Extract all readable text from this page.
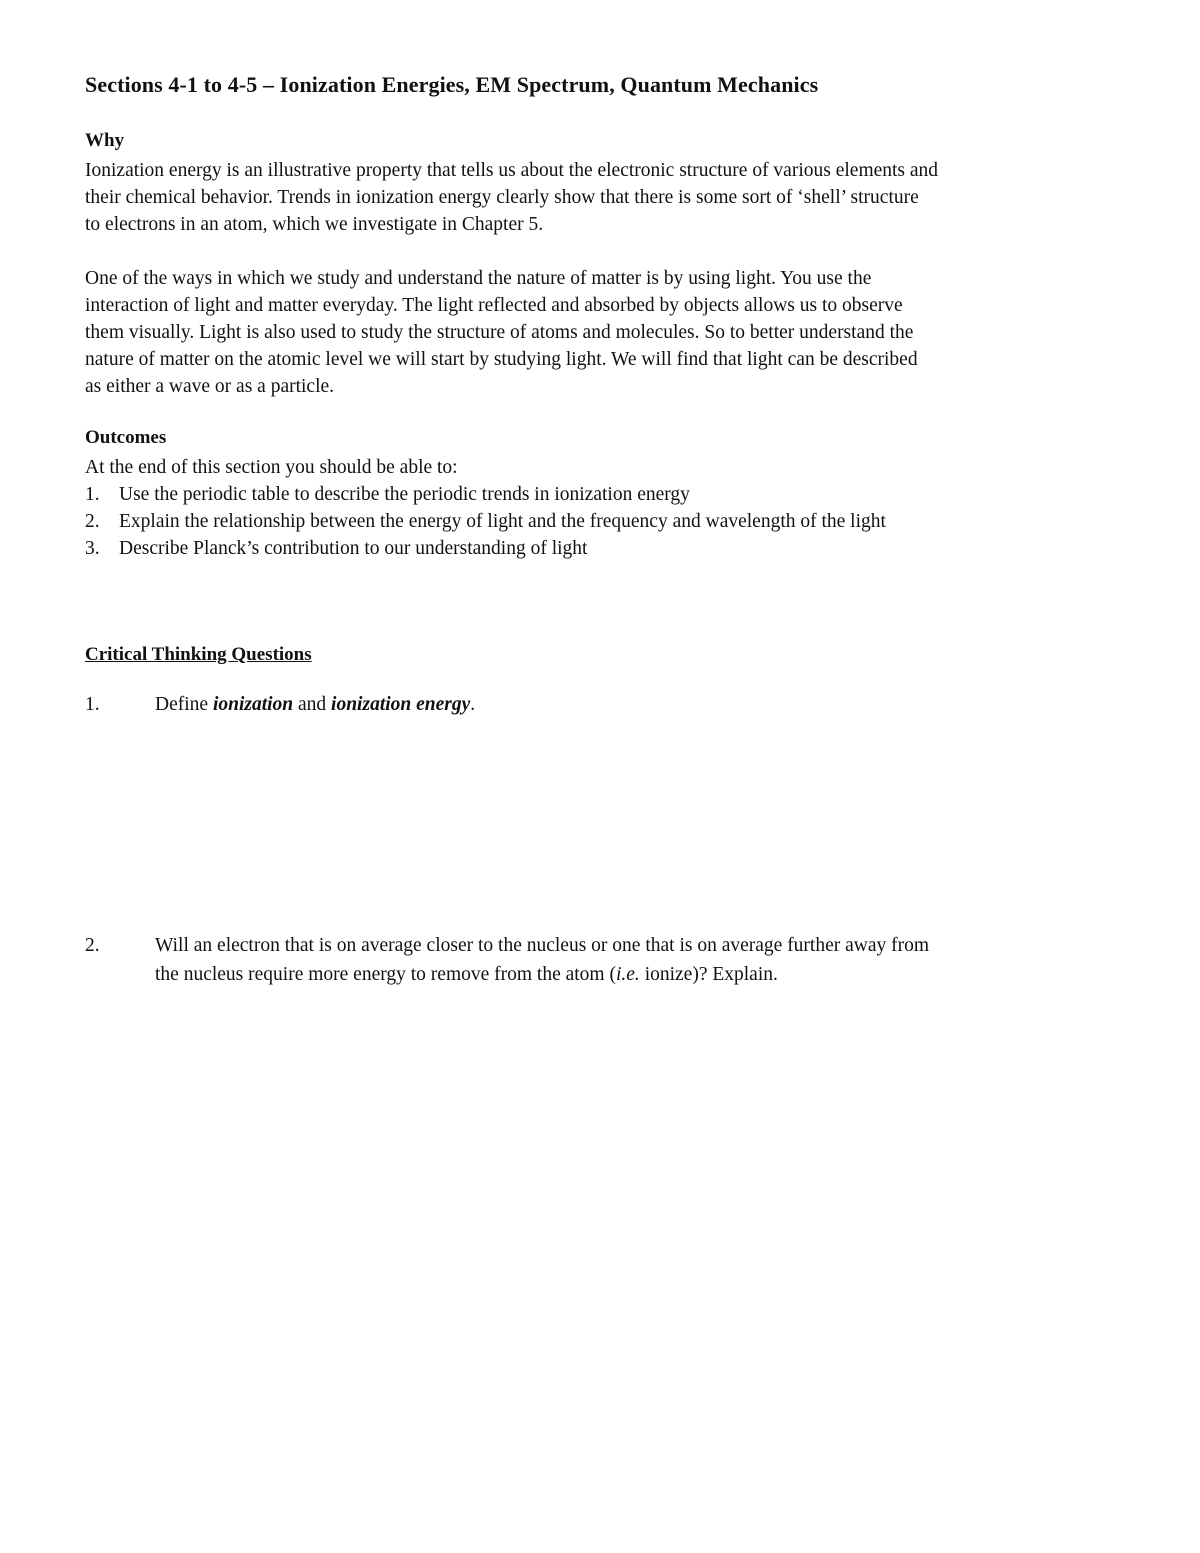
Sections 4-1 to 4-5 – Ionization Energies, EM Spectrum, Quantum Mechanics
Why
Ionization energy is an illustrative property that tells us about the electronic structure of various elements and
their chemical behavior. Trends in ionization energy clearly show that there is some sort of ‘shell’ structure
to electrons in an atom, which we investigate in Chapter 5.
One of the ways in which we study and understand the nature of matter is by using light. You use the
interaction of light and matter everyday. The light reflected and absorbed by objects allows us to observe
them visually. Light is also used to study the structure of atoms and molecules. So to better understand the
nature of matter on the atomic level we will start by studying light. We will find that light can be described
as either a wave or as a particle.
Outcomes
At the end of this section you should be able to:
1. Use the periodic table to describe the periodic trends in ionization energy
2. Explain the relationship between the energy of light and the frequency and wavelength of the light
3. Describe Planck’s contribution to our understanding of light
Critical Thinking Questions
1.	Define ionization and ionization energy.
2.	Will an electron that is on average closer to the nucleus or one that is on average further away from
the nucleus require more energy to remove from the atom (i.e. ionize)? Explain.
